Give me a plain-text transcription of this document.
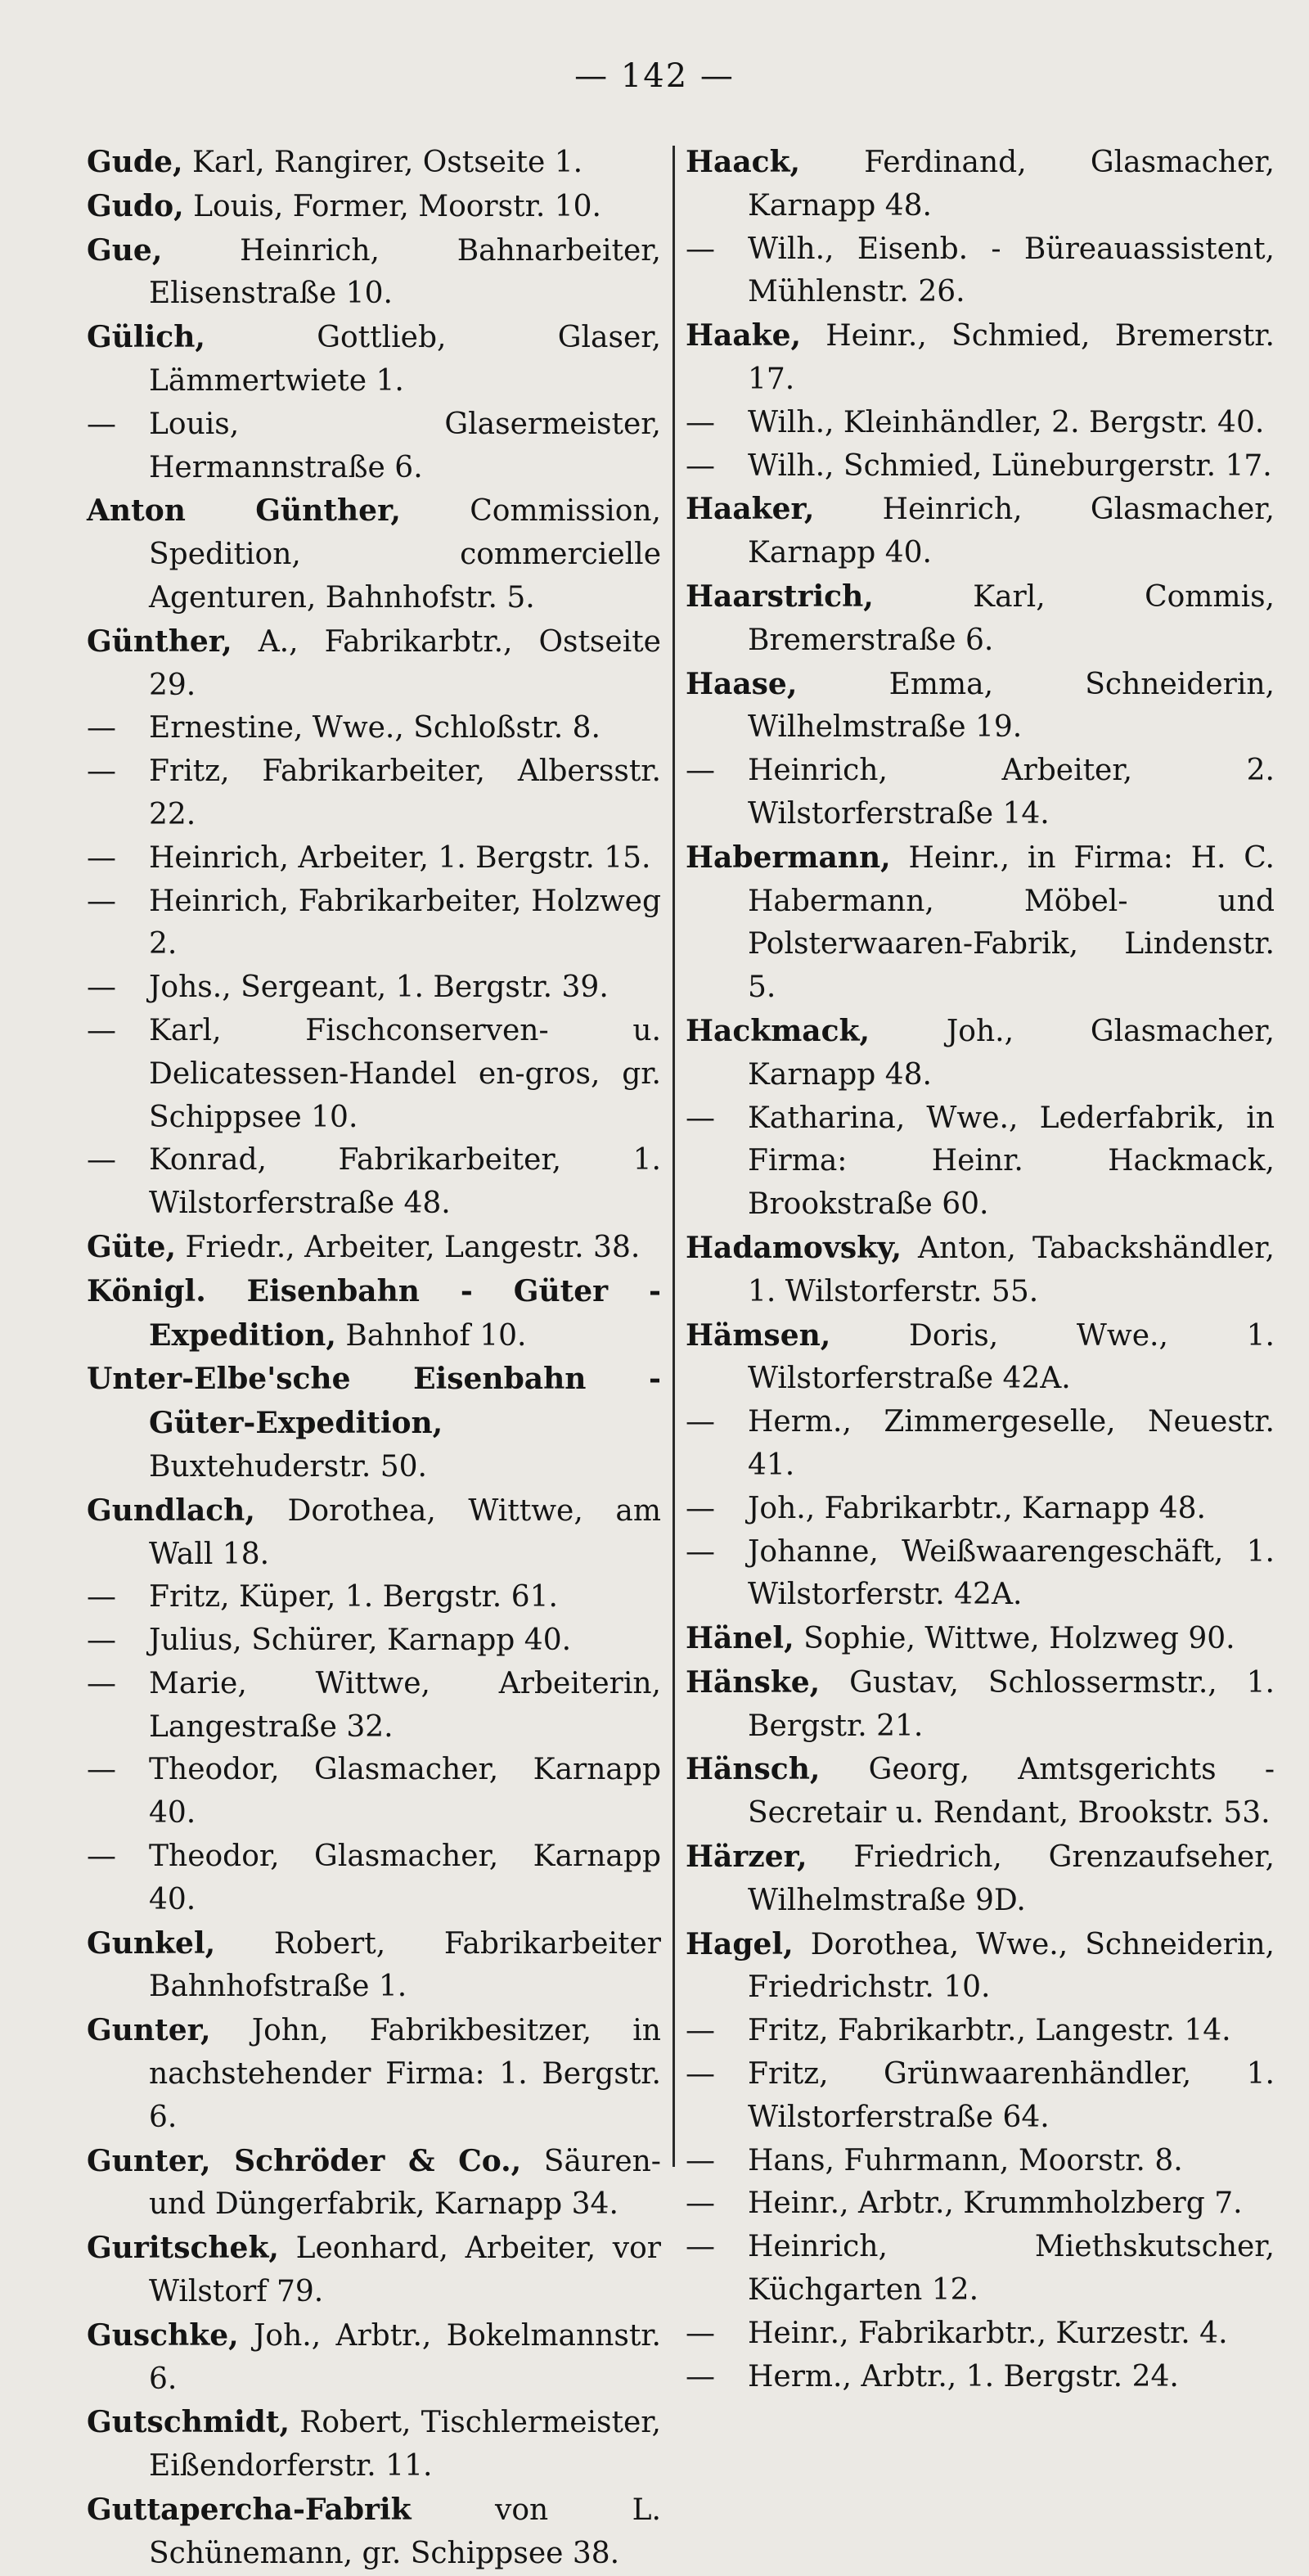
— 142 —

Gude, Karl, Rangirer, Ostseite 1.

Gudo, Louis, Former, Moorstr. 10.

Gue,	Heinrich, Bahnarbeiter, Elisenstraße 10.

Gülich,	Gottlieb, Glaser, Lämmertwiete 1.

— Louis, Glasermeister, Hermannstraße 6.

Anton Günther, Commission, Spedition, commercielle Agenturen, Bahnhofstr. 5.

Günther, A., Fabrikarbtr., Ostseite 29.

— Ernestine, Wwe., Schloßstr. 8.

— Fritz, Fabrikarbeiter, Albersstr. 22.

— Heinrich, Arbeiter, 1. Bergstr. 15.

— Heinrich, Fabrikarbeiter, Holzweg 2.

— Johs., Sergeant, 1. Bergstr. 39.

— Karl, Fischconserven- u. Delicatessen-Handel en-gros, gr. Schippsee 10.

— Konrad, Fabrikarbeiter, 1. Wilstorferstraße 48.

Güte, Friedr., Arbeiter, Langestr. 38.

Königl. Eisenbahn - Güter - Expedition, Bahnhof 10.

Unter-Elbe'sche Eisenbahn - Güter-Expedition, Buxtehuderstr. 50.

Gundlach, Dorothea, Wittwe, am Wall 18.

— Fritz, Küper, 1. Bergstr. 61.

— Julius, Schürer, Karnapp 40.

— Marie, Wittwe, Arbeiterin, Langestraße 32.

— Theodor, Glasmacher, Karnapp 40.

— Theodor, Glasmacher, Karnapp 40.

Gunkel, Robert, Fabrikarbeiter Bahnhofstraße 1.

Gunter, John, Fabrikbesitzer, in nachstehender Firma: 1. Bergstr. 6.

Gunter, Schröder & Co., Säuren- und Düngerfabrik, Karnapp 34.

Guritschek, Leonhard, Arbeiter, vor Wilstorf 79.

Guschke, Joh., Arbtr., Bokelmannstr. 6.

Gutschmidt, Robert, Tischlermeister, Eißendorferstr. 11.

Guttapercha-Fabrik	von L. Schünemann, gr. Schippsee 38.

Haack, Ferdinand, Glasmacher, Karnapp 48.

— Wilh., Eisenb. - Büreauassistent, Mühlenstr. 26.

Haake, Heinr., Schmied, Bremerstr. 17.

— Wilh., Kleinhändler, 2. Bergstr. 40.

— Wilh., Schmied, Lüneburgerstr. 17.

Haaker, Heinrich, Glasmacher, Karnapp 40.

Haarstrich,	Karl, Commis, Bremerstraße 6.

Haase,	Emma, Schneiderin, Wilhelmstraße 19.

— Heinrich, Arbeiter, 2. Wilstorferstraße 14.

Habermann, Heinr., in Firma: H. C. Habermann, Möbel- und Polsterwaaren-Fabrik, Lindenstr. 5.

Hackmack,	Joh., Glasmacher, Karnapp 48.

— Katharina, Wwe., Lederfabrik, in Firma: Heinr. Hackmack, Brookstraße 60.

Hadamovsky, Anton, Tabackshändler, 1. Wilstorferstr. 55.

Hämsen,	Doris, Wwe., 1. Wilstorferstraße 42A.

— Herm., Zimmergeselle, Neuestr. 41.

— Joh., Fabrikarbtr., Karnapp 48.

— Johanne, Weißwaarengeschäft, 1. Wilstorferstr. 42A.

Hänel, Sophie, Wittwe, Holzweg 90.

Hänske, Gustav, Schlossermstr., 1. Bergstr. 21.

Hänsch, Georg, Amtsgerichts - Secretair u. Rendant, Brookstr. 53.

Härzer, Friedrich, Grenzaufseher, Wilhelmstraße 9D.

Hagel, Dorothea, Wwe., Schneiderin, Friedrichstr. 10.

— Fritz, Fabrikarbtr., Langestr. 14.

— Fritz, Grünwaarenhändler, 1. Wilstorferstraße 64.

— Hans, Fuhrmann, Moorstr. 8.

— Heinr., Arbtr., Krummholzberg 7.

— Heinrich, Miethskutscher, Küchgarten 12.

— Heinr., Fabrikarbtr., Kurzestr. 4.

— Herm., Arbtr., 1. Bergstr. 24.
